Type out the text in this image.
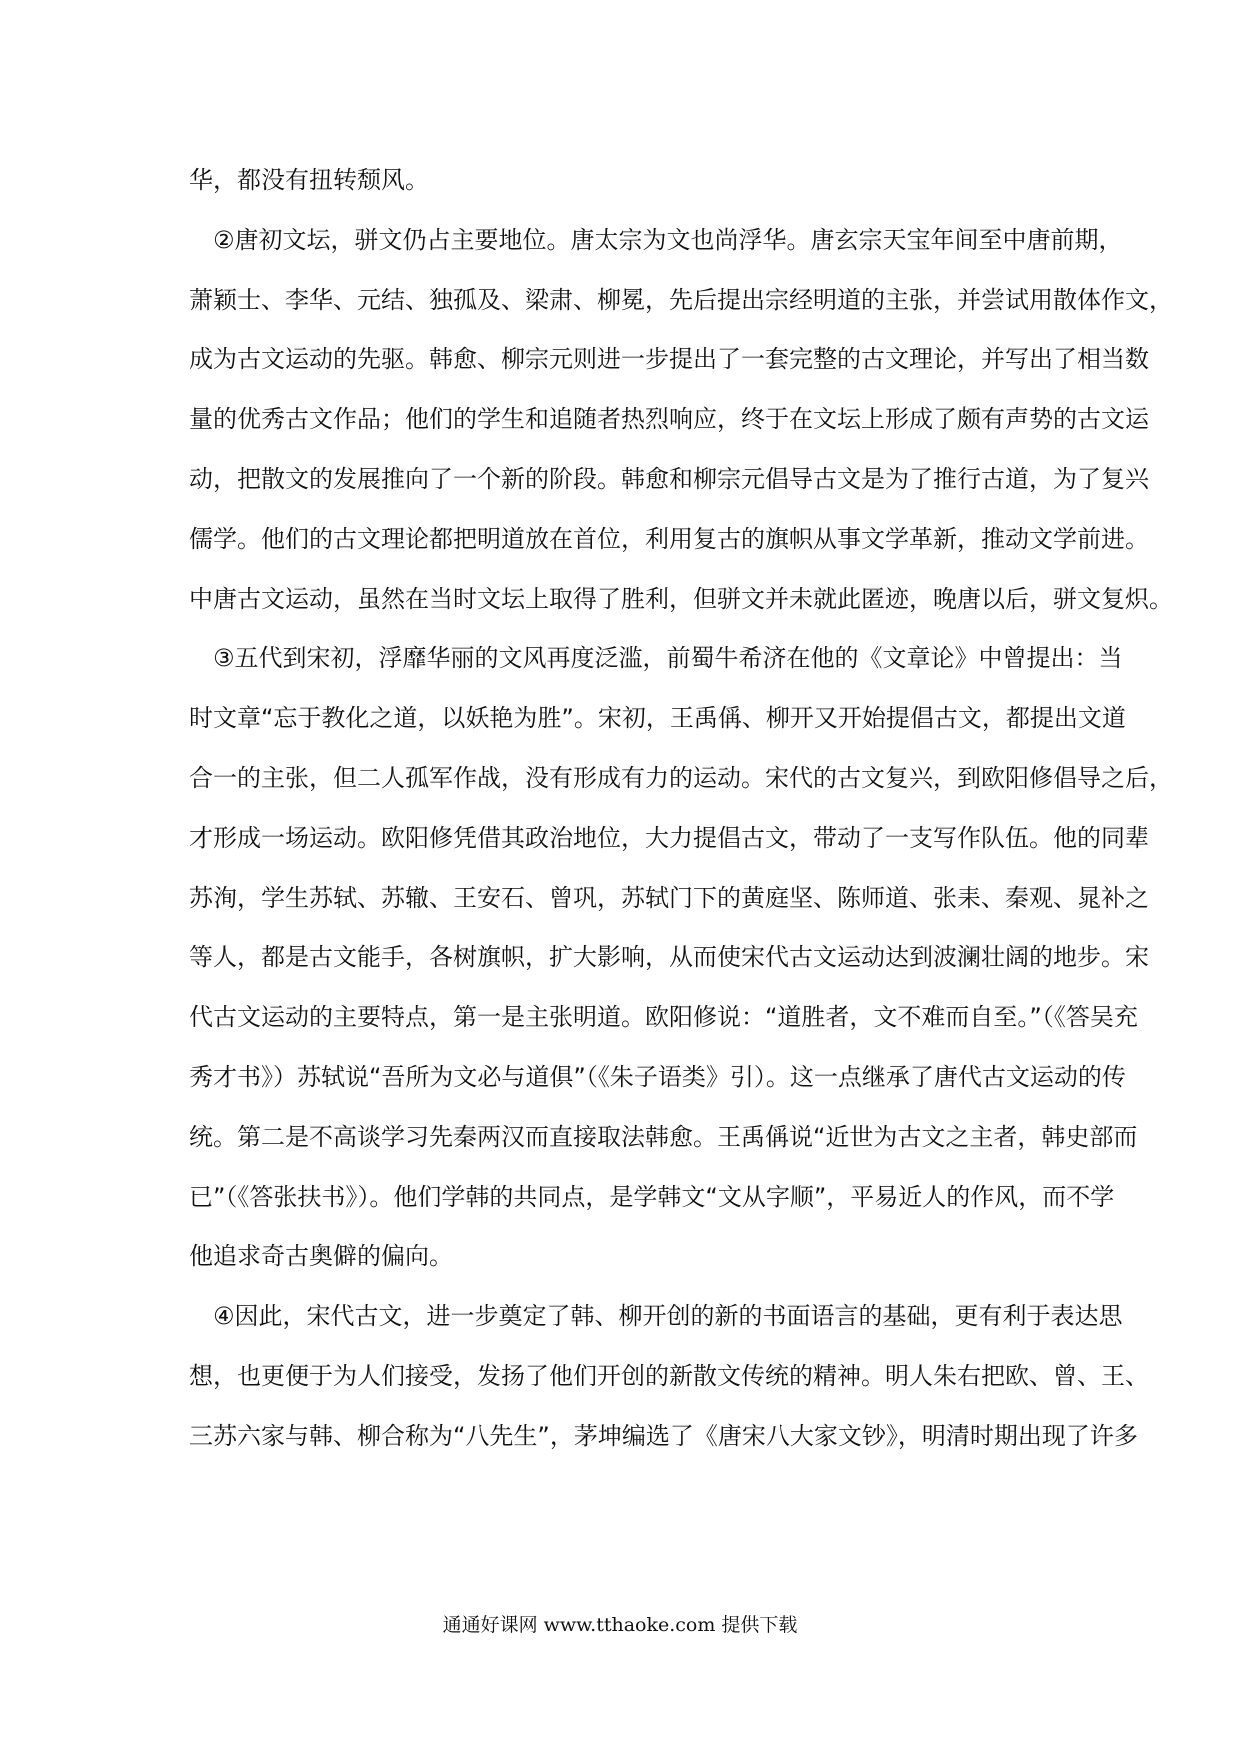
华，都没有扭转颓风。
　②唐初文坛，骈文仍占主要地位。唐太宗为文也尚浮华。唐玄宗天宝年间至中唐前期，
萧颖士、李华、元结、独孤及、梁肃、柳冕，先后提出宗经明道的主张，并尝试用散体作文，
成为古文运动的先驱。韩愈、柳宗元则进一步提出了一套完整的古文理论，并写出了相当数
量的优秀古文作品；他们的学生和追随者热烈响应，终于在文坛上形成了颇有声势的古文运
动，把散文的发展推向了一个新的阶段。韩愈和柳宗元倡导古文是为了推行古道，为了复兴
儒学。他们的古文理论都把明道放在首位，利用复古的旗帜从事文学革新，推动文学前进。
中唐古文运动，虽然在当时文坛上取得了胜利，但骈文并未就此匿迹，晚唐以后，骈文复炽。
　③五代到宋初，浮靡华丽的文风再度泛滥，前蜀牛希济在他的《文章论》中曾提出：当
时文章“忘于教化之道，以妖艳为胜”。宋初，王禹偁、柳开又开始提倡古文，都提出文道
合一的主张，但二人孤军作战，没有形成有力的运动。宋代的古文复兴，到欧阳修倡导之后，
才形成一场运动。欧阳修凭借其政治地位，大力提倡古文，带动了一支写作队伍。他的同辈
苏洵，学生苏轼、苏辙、王安石、曾巩，苏轼门下的黄庭坚、陈师道、张耒、秦观、晁补之
等人，都是古文能手，各树旗帜，扩大影响，从而使宋代古文运动达到波澜壮阔的地步。宋
代古文运动的主要特点，第一是主张明道。欧阳修说：“道胜者，文不难而自至。”（《答吴充
秀才书》）苏轼说“吾所为文必与道俱”（《朱子语类》引）。这一点继承了唐代古文运动的传
统。第二是不高谈学习先秦两汉而直接取法韩愈。王禹偁说“近世为古文之主者，韩史部而
已”（《答张扶书》）。他们学韩的共同点，是学韩文“文从字顺”，平易近人的作风，而不学
他追求奇古奥僻的偏向。
　④因此，宋代古文，进一步奠定了韩、柳开创的新的书面语言的基础，更有利于表达思
想，也更便于为人们接受，发扬了他们开创的新散文传统的精神。明人朱右把欧、曾、王、
三苏六家与韩、柳合称为“八先生”，茅坤编选了《唐宋八大家文钞》，明清时期出现了许多
通通好课网 www.tthaoke.com 提供下载
